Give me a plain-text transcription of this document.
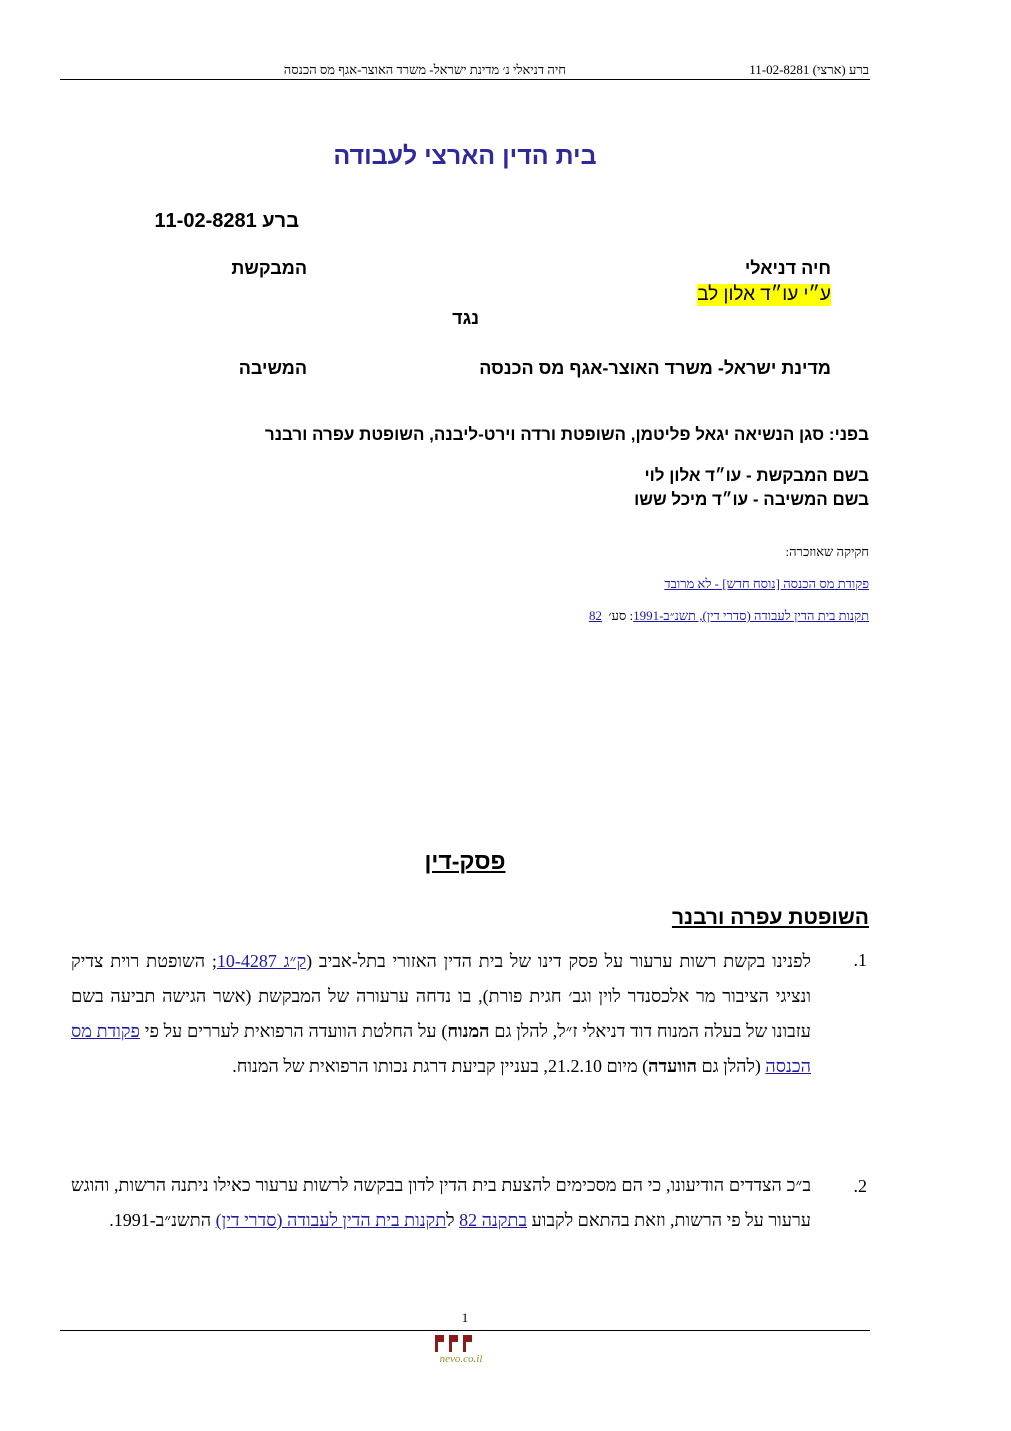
ברע (ארצי) 11-02-8281
חיה דניאלי נ׳ מדינת ישראל- משרד האוצר-אגף מס הכנסה
בית הדין הארצי לעבודה
ברע 11-02-8281
חיה דניאלי
המבקשת
ע״י עו״ד אלון לב
נגד
מדינת ישראל- משרד האוצר-אגף מס הכנסה
המשיבה
בפני: סגן הנשיאה יגאל פליטמן, השופטת ורדה וירט-ליבנה, השופטת עפרה ורבנר
בשם המבקשת - עו״ד אלון לוי
בשם המשיבה - עו״ד מיכל ששו
חקיקה שאוזכרה:
פקודת מס הכנסה [נוסח חדש] - לא מרובד
תקנות בית הדין לעבודה (סדרי דין), תשנ״ב-1991: סע׳  82
פסק-דין
השופטת עפרה ורבנר
.1
לפנינו בקשת רשות ערעור על פסק דינו של בית הדין האזורי בתל-אביב (ק״ג 10-4287; השופטת רוית צדיק ונציגי הציבור מר אלכסנדר לוין וגב׳ חגית פורת), בו נדחה ערעורה של המבקשת (אשר הגישה תביעה בשם עזבונו של בעלה המנוח דוד דניאלי ז״ל, להלן גם המנוח) על החלטת הוועדה הרפואית לעררים על פי פקודת מס הכנסה (להלן גם הוועדה) מיום 21.2.10, בעניין קביעת דרגת נכותו הרפואית של המנוח.
.2
ב״כ הצדדים הודיעונו, כי הם מסכימים להצעת בית הדין לדון בבקשה לרשות ערעור כאילו ניתנה הרשות, והוגש ערעור על פי הרשות, וזאת בהתאם לקבוע בתקנה 82 לתקנות בית הדין לעבודה (סדרי דין) התשנ״ב-1991.
1
nevo.co.il
